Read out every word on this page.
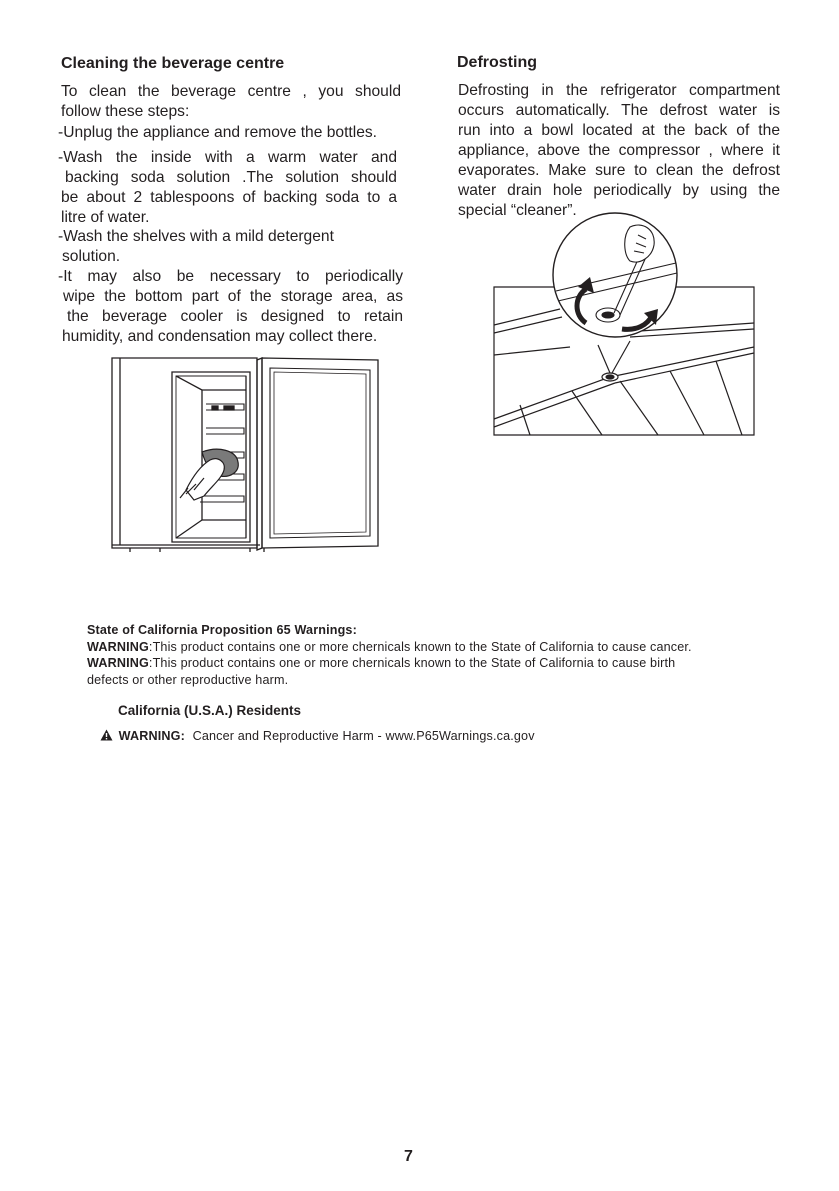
Cleaning the beverage centre

To clean the beverage centre , you should

follow these steps:

-Unplug the appliance and remove the bottles.

-Wash the inside with a warm water and

backing soda solution .The solution should

be about 2 tablespoons of backing soda to a

litre of water.

-Wash the shelves with a mild detergent

solution.

-It may also be necessary to periodically

wipe the bottom part of the storage area, as

the beverage cooler is designed to retain

humidity, and condensation may collect there.

Defrosting

Defrosting in the refrigerator compartment

occurs automatically. The defrost water is

run into a bowl located at the back of the

appliance, above the compressor , where it

evaporates. Make sure to clean the defrost

water drain hole periodically by using the

special “cleaner”.

State of California Proposition 65 Warnings:
WARNING:This product contains one or more chernicals known to the State of California to cause cancer.
WARNING:This product contains one or more chernicals known to the State of California to cause birth
defects or other reproductive harm.
California (U.S.A.) Residents
WARNING: Cancer and Reproductive Harm - www.P65Warnings.ca.gov
7
